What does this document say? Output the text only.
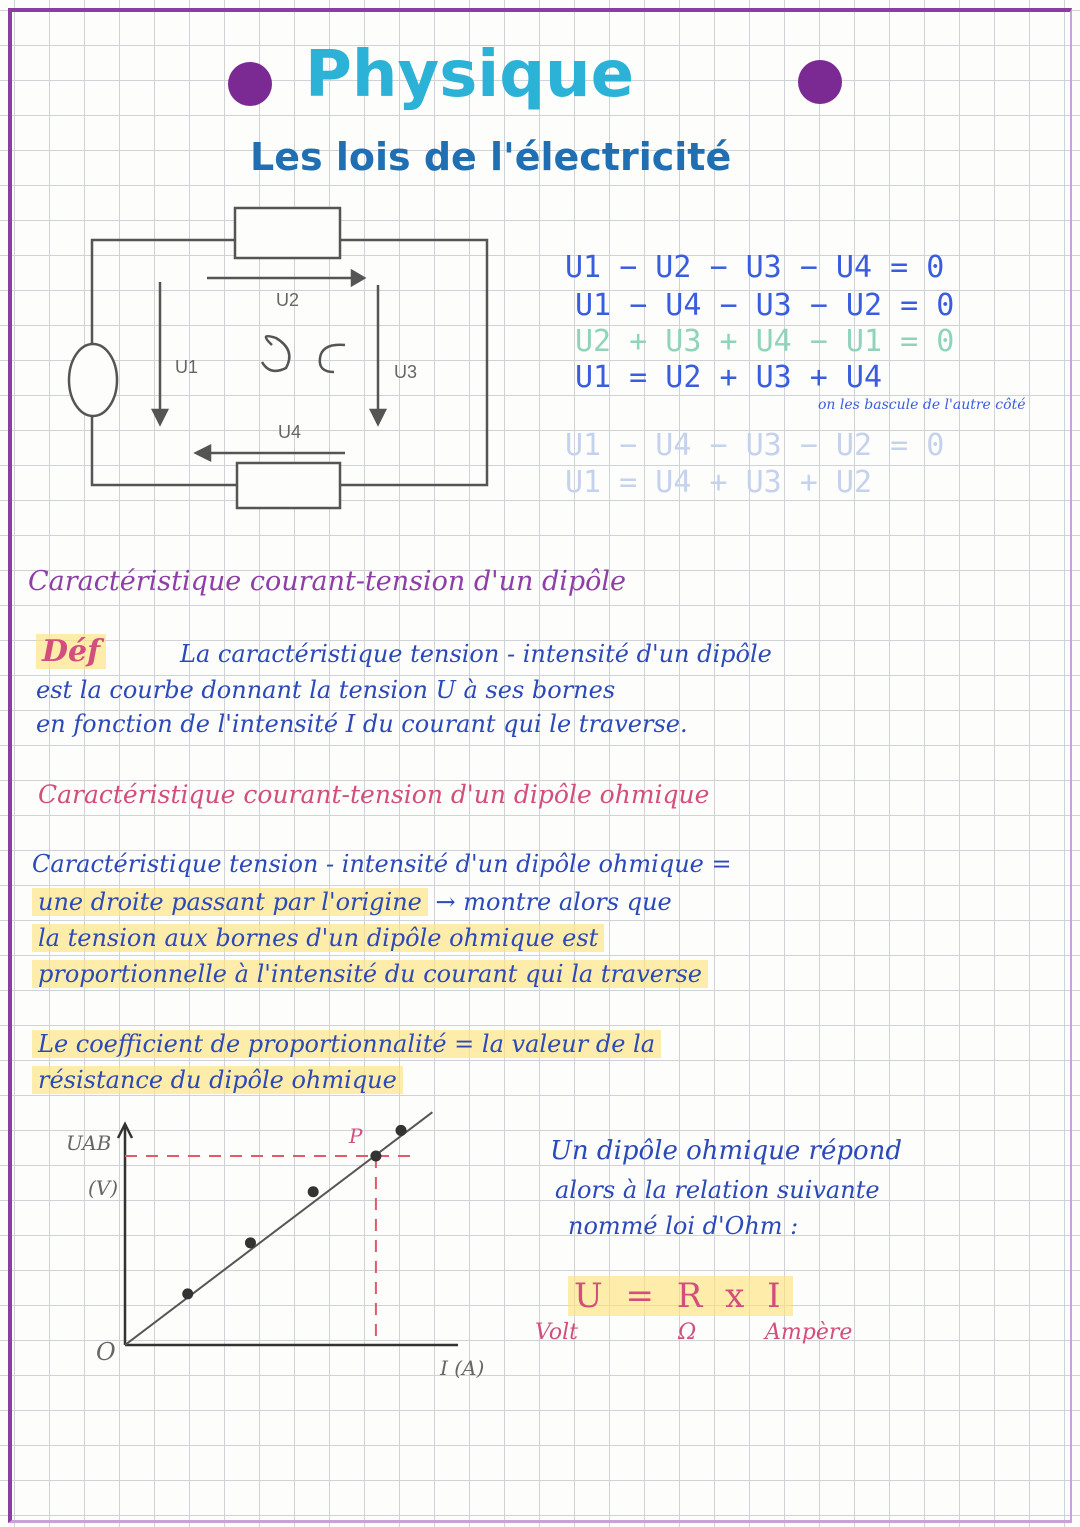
Physique
Les lois de l'électricité
U2
U1	U3
U4
U1 − U2 − U3 − U4 = 0
U1 − U4 − U3 − U2 = 0
U2 + U3 + U4 − U1 = 0
U1 = U2 + U3 + U4
on les bascule de l'autre côté
U1 − U4 − U3 − U2 = 0
U1 = U4 + U3 + U2
Caractéristique courant-tension d'un dipôle
Déf	La caractéristique tension - intensité d'un dipôle
est la courbe donnant la tension U à ses bornes
en fonction de l'intensité I du courant qui le traverse.
Caractéristique courant-tension d'un dipôle ohmique
Caractéristique tension - intensité d'un dipôle ohmique =
une droite passant par l'origine → montre alors que
la tension aux bornes d'un dipôle ohmique est
proportionnelle à l'intensité du courant qui la traverse
Le coefficient de proportionnalité = la valeur de la
résistance du dipôle ohmique
UAB
(V)
O
I (A)
P	Un dipôle ohmique répond
alors à la relation suivante
nommé loi d'Ohm :
U = R x I
Volt	Ω	Ampère
